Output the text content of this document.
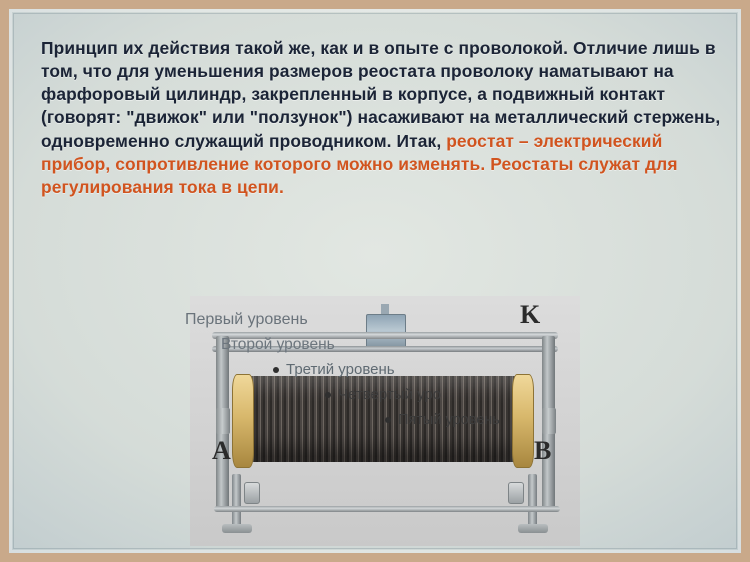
Принцип их действия такой же, как и в опыте с проволокой. Отличие лишь в том, что для уменьшения размеров реостата проволоку наматывают на фарфоровый цилиндр, закрепленный в корпусе, а подвижный контакт (говорят: "движок" или "ползунок") насаживают на металлический стержень, одновременно служащий проводником. Итак, реостат – электрический прибор, сопротивление которого можно изменять. Реостаты служат для регулирования тока в цепи.
A	B
K
Первый уровень
Второй уровень
Третий уровень
Четвертый уро
Пятый уровень
